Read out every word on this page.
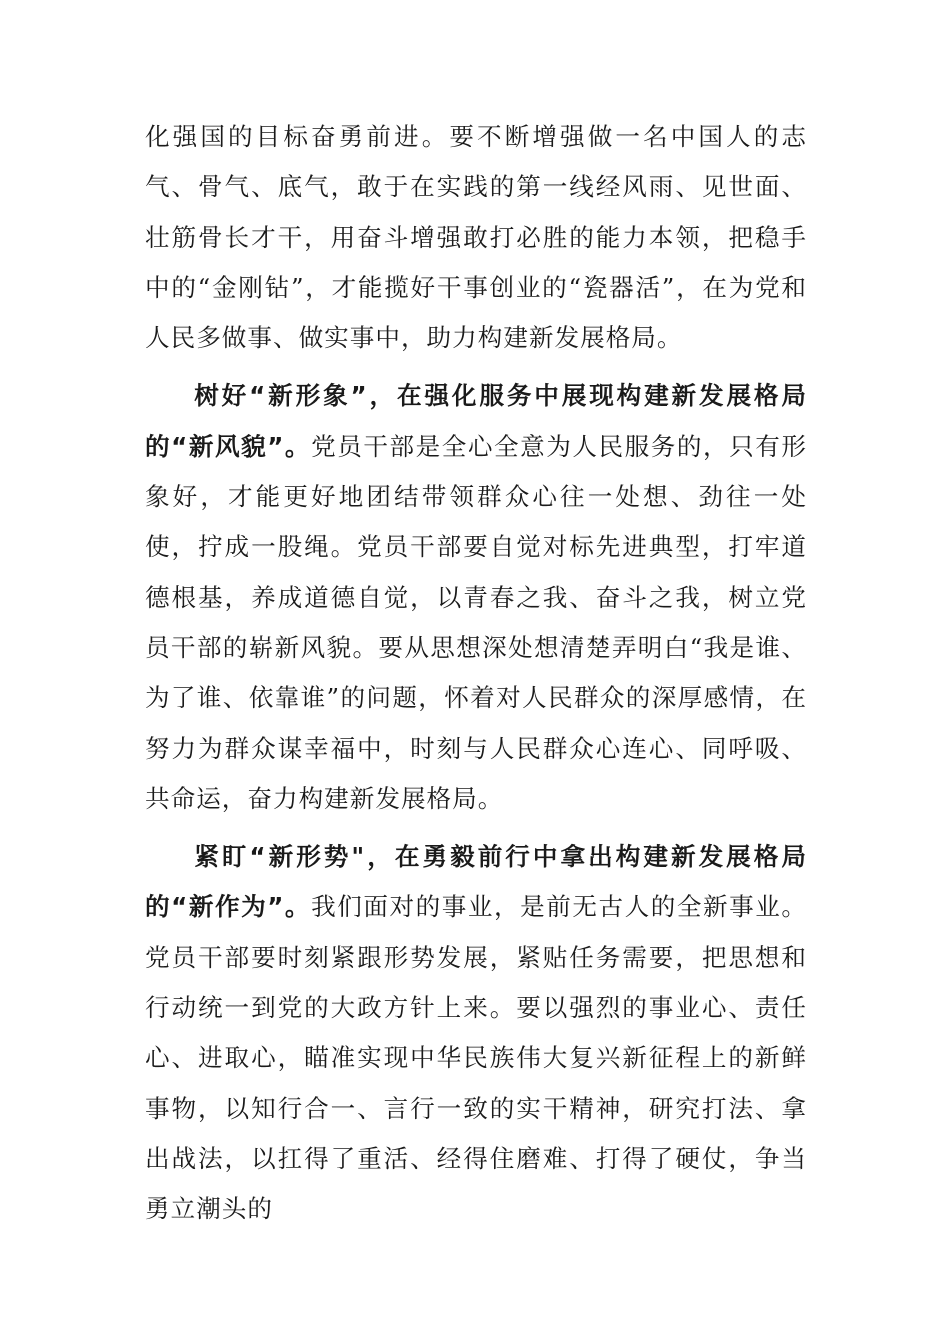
化强国的目标奋勇前进。要不断增强做一名中国人的志气、骨气、底气，敢于在实践的第一线经风雨、见世面、壮筋骨长才干，用奋斗增强敢打必胜的能力本领，把稳手中的“金刚钻”，才能揽好干事创业的“瓷器活”，在为党和人民多做事、做实事中，助力构建新发展格局。

树好“新形象”，在强化服务中展现构建新发展格局的“新风貌”。党员干部是全心全意为人民服务的，只有形象好，才能更好地团结带领群众心往一处想、劲往一处使，拧成一股绳。党员干部要自觉对标先进典型，打牢道德根基，养成道德自觉，以青春之我、奋斗之我，树立党员干部的崭新风貌。要从思想深处想清楚弄明白“我是谁、为了谁、依靠谁”的问题，怀着对人民群众的深厚感情，在努力为群众谋幸福中，时刻与人民群众心连心、同呼吸、共命运，奋力构建新发展格局。

紧盯“新形势"，在勇毅前行中拿出构建新发展格局的“新作为”。我们面对的事业，是前无古人的全新事业。党员干部要时刻紧跟形势发展，紧贴任务需要，把思想和行动统一到党的大政方针上来。要以强烈的事业心、责任心、进取心，瞄准实现中华民族伟大复兴新征程上的新鲜事物，以知行合一、言行一致的实干精神，研究打法、拿出战法，以扛得了重活、经得住磨难、打得了硬仗，争当勇立潮头的
